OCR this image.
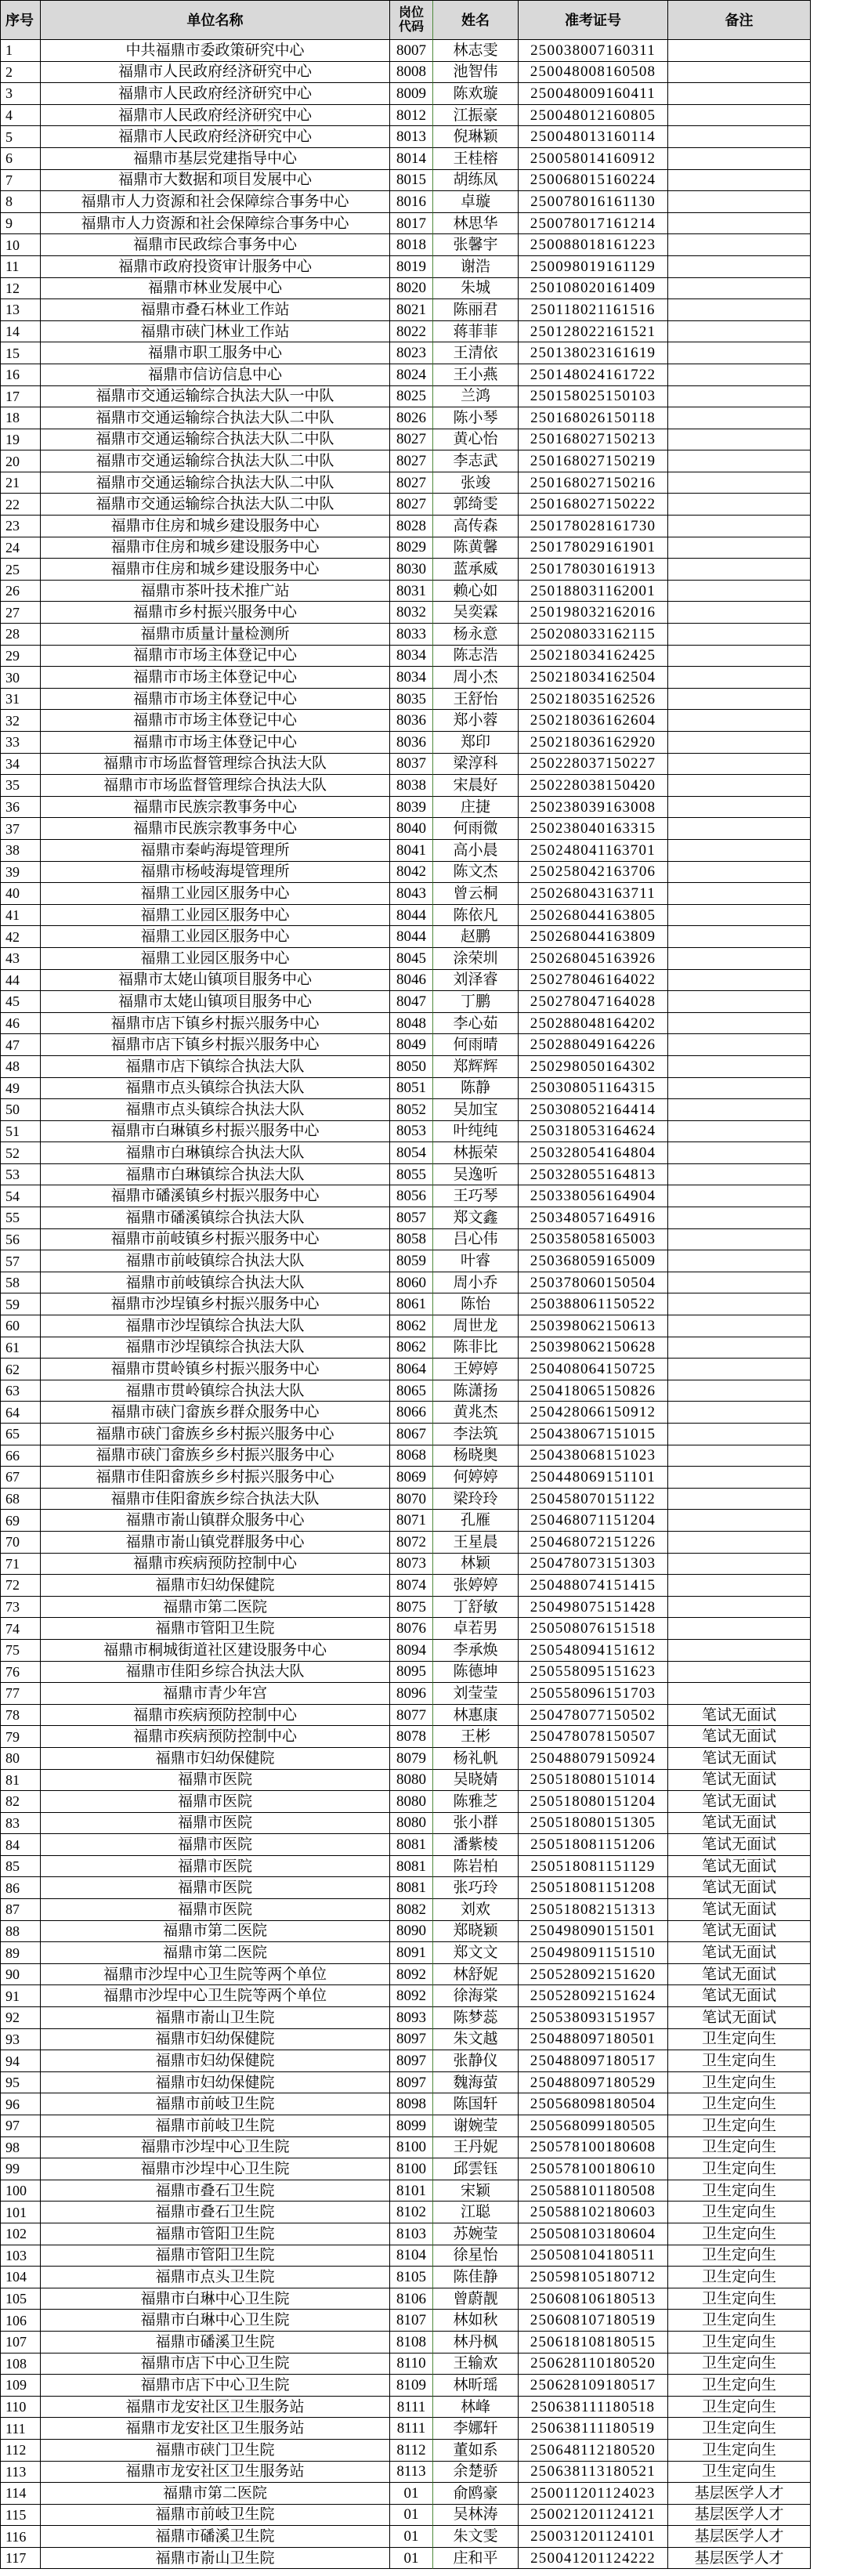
序号	单位名称	岗位代码	姓名	准考证号	备注
1	中共福鼎市委政策研究中心	8007	林志雯	250038007160311
2	福鼎市人民政府经济研究中心	8008	池智伟	250048008160508
3	福鼎市人民政府经济研究中心	8009	陈欢璇	250048009160411
4	福鼎市人民政府经济研究中心	8012	江振豪	250048012160805
5	福鼎市人民政府经济研究中心	8013	倪琳颖	250048013160114
6	福鼎市基层党建指导中心	8014	王桂榕	250058014160912
7	福鼎市大数据和项目发展中心	8015	胡练凤	250068015160224
8	福鼎市人力资源和社会保障综合事务中心	8016	卓璇	250078016161130
9	福鼎市人力资源和社会保障综合事务中心	8017	林思华	250078017161214
10	福鼎市民政综合事务中心	8018	张馨宇	250088018161223
11	福鼎市政府投资审计服务中心	8019	谢浩	250098019161129
12	福鼎市林业发展中心	8020	朱城	250108020161409
13	福鼎市叠石林业工作站	8021	陈丽君	250118021161516
14	福鼎市硖门林业工作站	8022	蒋菲菲	250128022161521
15	福鼎市职工服务中心	8023	王清依	250138023161619
16	福鼎市信访信息中心	8024	王小燕	250148024161722
17	福鼎市交通运输综合执法大队一中队	8025	兰鸿	250158025150103
18	福鼎市交通运输综合执法大队二中队	8026	陈小琴	250168026150118
19	福鼎市交通运输综合执法大队二中队	8027	黄心怡	250168027150213
20	福鼎市交通运输综合执法大队二中队	8027	李志武	250168027150219
21	福鼎市交通运输综合执法大队二中队	8027	张竣	250168027150216
22	福鼎市交通运输综合执法大队二中队	8027	郭绮雯	250168027150222
23	福鼎市住房和城乡建设服务中心	8028	高传森	250178028161730
24	福鼎市住房和城乡建设服务中心	8029	陈黄馨	250178029161901
25	福鼎市住房和城乡建设服务中心	8030	蓝承威	250178030161913
26	福鼎市茶叶技术推广站	8031	赖心如	250188031162001
27	福鼎市乡村振兴服务中心	8032	吴奕霖	250198032162016
28	福鼎市质量计量检测所	8033	杨永意	250208033162115
29	福鼎市市场主体登记中心	8034	陈志浩	250218034162425
30	福鼎市市场主体登记中心	8034	周小杰	250218034162504
31	福鼎市市场主体登记中心	8035	王舒怡	250218035162526
32	福鼎市市场主体登记中心	8036	郑小蓉	250218036162604
33	福鼎市市场主体登记中心	8036	郑印	250218036162920
34	福鼎市市场监督管理综合执法大队	8037	梁淳科	250228037150227
35	福鼎市市场监督管理综合执法大队	8038	宋晨好	250228038150420
36	福鼎市民族宗教事务中心	8039	庄捷	250238039163008
37	福鼎市民族宗教事务中心	8040	何雨微	250238040163315
38	福鼎市秦屿海堤管理所	8041	高小晨	250248041163701
39	福鼎市杨岐海堤管理所	8042	陈文杰	250258042163706
40	福鼎工业园区服务中心	8043	曾云桐	250268043163711
41	福鼎工业园区服务中心	8044	陈依凡	250268044163805
42	福鼎工业园区服务中心	8044	赵鹏	250268044163809
43	福鼎工业园区服务中心	8045	涂荣圳	250268045163926
44	福鼎市太姥山镇项目服务中心	8046	刘泽睿	250278046164022
45	福鼎市太姥山镇项目服务中心	8047	丁鹏	250278047164028
46	福鼎市店下镇乡村振兴服务中心	8048	李心茹	250288048164202
47	福鼎市店下镇乡村振兴服务中心	8049	何雨晴	250288049164226
48	福鼎市店下镇综合执法大队	8050	郑辉辉	250298050164302
49	福鼎市点头镇综合执法大队	8051	陈静	250308051164315
50	福鼎市点头镇综合执法大队	8052	吴加宝	250308052164414
51	福鼎市白琳镇乡村振兴服务中心	8053	叶纯纯	250318053164624
52	福鼎市白琳镇综合执法大队	8054	林振荣	250328054164804
53	福鼎市白琳镇综合执法大队	8055	吴逸听	250328055164813
54	福鼎市磻溪镇乡村振兴服务中心	8056	王巧琴	250338056164904
55	福鼎市磻溪镇综合执法大队	8057	郑文鑫	250348057164916
56	福鼎市前岐镇乡村振兴服务中心	8058	吕心伟	250358058165003
57	福鼎市前岐镇综合执法大队	8059	叶睿	250368059165009
58	福鼎市前岐镇综合执法大队	8060	周小乔	250378060150504
59	福鼎市沙埕镇乡村振兴服务中心	8061	陈怡	250388061150522
60	福鼎市沙埕镇综合执法大队	8062	周世龙	250398062150613
61	福鼎市沙埕镇综合执法大队	8062	陈非比	250398062150628
62	福鼎市贯岭镇乡村振兴服务中心	8064	王婷婷	250408064150725
63	福鼎市贯岭镇综合执法大队	8065	陈潇扬	250418065150826
64	福鼎市硖门畲族乡群众服务中心	8066	黄兆杰	250428066150912
65	福鼎市硖门畲族乡乡村振兴服务中心	8067	李法筑	250438067151015
66	福鼎市硖门畲族乡乡村振兴服务中心	8068	杨晓奥	250438068151023
67	福鼎市佳阳畲族乡乡村振兴服务中心	8069	何婷婷	250448069151101
68	福鼎市佳阳畲族乡综合执法大队	8070	梁玲玲	250458070151122
69	福鼎市嵛山镇群众服务中心	8071	孔雁	250468071151204
70	福鼎市嵛山镇党群服务中心	8072	王星晨	250468072151226
71	福鼎市疾病预防控制中心	8073	林颖	250478073151303
72	福鼎市妇幼保健院	8074	张婷婷	250488074151415
73	福鼎市第二医院	8075	丁舒敏	250498075151428
74	福鼎市管阳卫生院	8076	卓若男	250508076151518
75	福鼎市桐城街道社区建设服务中心	8094	李承焕	250548094151612
76	福鼎市佳阳乡综合执法大队	8095	陈德坤	250558095151623
77	福鼎市青少年宫	8096	刘莹莹	250558096151703
78	福鼎市疾病预防控制中心	8077	林惠康	250478077150502	笔试无面试
79	福鼎市疾病预防控制中心	8078	王彬	250478078150507	笔试无面试
80	福鼎市妇幼保健院	8079	杨礼帆	250488079150924	笔试无面试
81	福鼎市医院	8080	吴晓婧	250518080151014	笔试无面试
82	福鼎市医院	8080	陈雅芝	250518080151204	笔试无面试
83	福鼎市医院	8080	张小群	250518080151305	笔试无面试
84	福鼎市医院	8081	潘紫棱	250518081151206	笔试无面试
85	福鼎市医院	8081	陈岩柏	250518081151129	笔试无面试
86	福鼎市医院	8081	张巧玲	250518081151208	笔试无面试
87	福鼎市医院	8082	刘欢	250518082151313	笔试无面试
88	福鼎市第二医院	8090	郑晓颖	250498090151501	笔试无面试
89	福鼎市第二医院	8091	郑文文	250498091151510	笔试无面试
90	福鼎市沙埕中心卫生院等两个单位	8092	林舒妮	250528092151620	笔试无面试
91	福鼎市沙埕中心卫生院等两个单位	8092	徐海棠	250528092151624	笔试无面试
92	福鼎市嵛山卫生院	8093	陈梦蕊	250538093151957	笔试无面试
93	福鼎市妇幼保健院	8097	朱文越	250488097180501	卫生定向生
94	福鼎市妇幼保健院	8097	张静仪	250488097180517	卫生定向生
95	福鼎市妇幼保健院	8097	魏海萤	250488097180529	卫生定向生
96	福鼎市前岐卫生院	8098	陈国轩	250568098180504	卫生定向生
97	福鼎市前岐卫生院	8099	谢婉莹	250568099180505	卫生定向生
98	福鼎市沙埕中心卫生院	8100	王丹妮	250578100180608	卫生定向生
99	福鼎市沙埕中心卫生院	8100	邱雲钰	250578100180610	卫生定向生
100	福鼎市叠石卫生院	8101	宋颖	250588101180508	卫生定向生
101	福鼎市叠石卫生院	8102	江聪	250588102180603	卫生定向生
102	福鼎市管阳卫生院	8103	苏婉莹	250508103180604	卫生定向生
103	福鼎市管阳卫生院	8104	徐星怡	250508104180511	卫生定向生
104	福鼎市点头卫生院	8105	陈佳静	250598105180712	卫生定向生
105	福鼎市白琳中心卫生院	8106	曾蔚靓	250608106180513	卫生定向生
106	福鼎市白琳中心卫生院	8107	林如秋	250608107180519	卫生定向生
107	福鼎市磻溪卫生院	8108	林丹枫	250618108180515	卫生定向生
108	福鼎市店下中心卫生院	8110	王输欢	250628110180520	卫生定向生
109	福鼎市店下中心卫生院	8109	林昕瑶	250628109180517	卫生定向生
110	福鼎市龙安社区卫生服务站	8111	林峰	250638111180518	卫生定向生
111	福鼎市龙安社区卫生服务站	8111	李娜轩	250638111180519	卫生定向生
112	福鼎市硖门卫生院	8112	董如系	250648112180520	卫生定向生
113	福鼎市龙安社区卫生服务站	8113	余楚骄	250638113180521	卫生定向生
114	福鼎市第二医院	01	俞鸥豪	250011201124023	基层医学人才
115	福鼎市前岐卫生院	01	吴林涛	250021201124121	基层医学人才
116	福鼎市磻溪卫生院	01	朱文雯	250031201124101	基层医学人才
117	福鼎市嵛山卫生院	01	庄和平	250041201124222	基层医学人才
